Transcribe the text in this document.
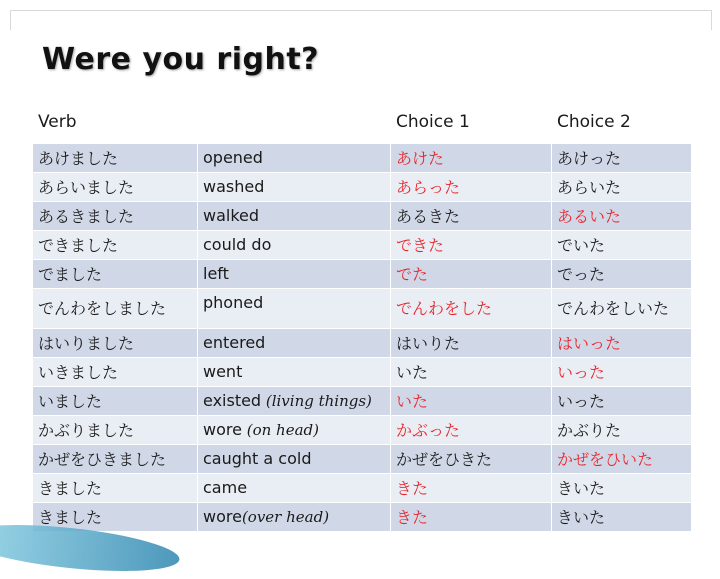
Were you right?
Verb		Choice 1	Choice 2
あけました	opened	あけた	あけった
あらいました	washed	あらった	あらいた
あるきました	walked	あるきた	あるいた
できました	could do	できた	でいた
でました	left	でた	でった
でんわをしました	phoned	でんわをした	でんわをしいた
はいりました	entered	はいりた	はいった
いきました	went	いた	いった
いました	existed (living things)	いた	いった
かぶりました	wore (on head)	かぶった	かぶりた
かぜをひきました	caught a cold	かぜをひきた	かぜをひいた
きました	came	きた	きいた
きました	wore(over head)	きた	きいた
